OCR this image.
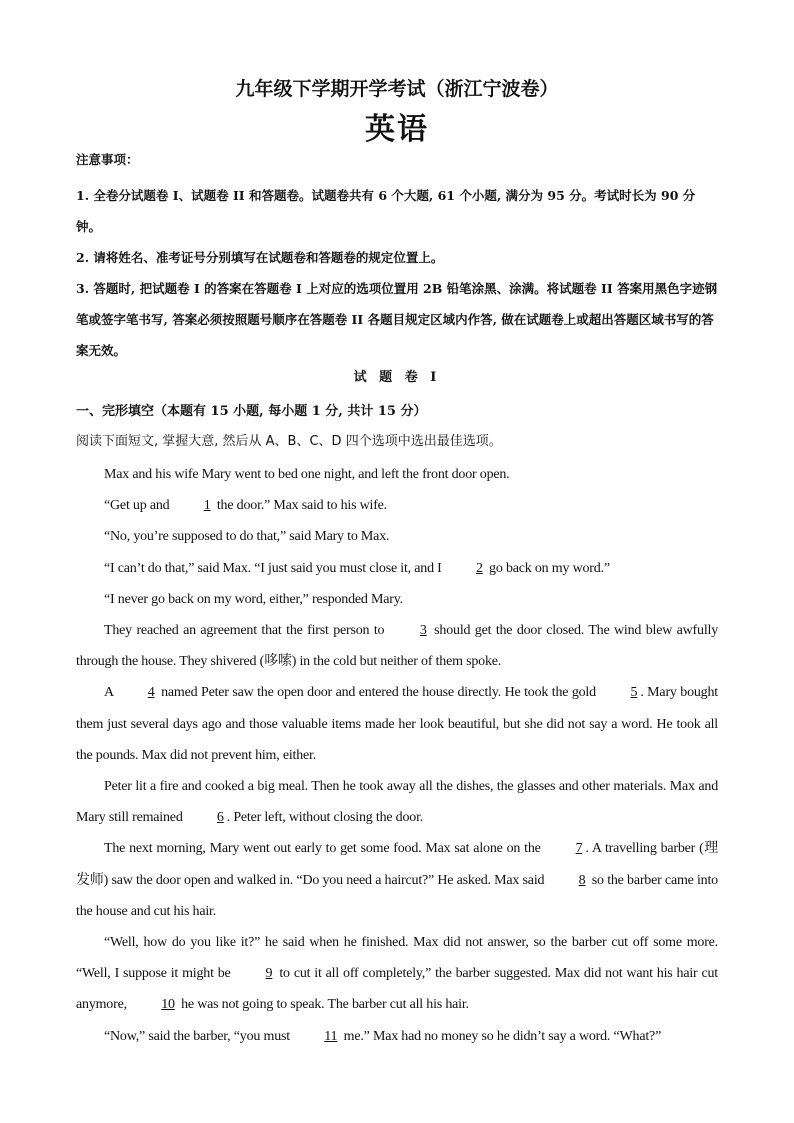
九年级下学期开学考试（浙江宁波卷）
英语
注意事项：
1. 全卷分试题卷 I、试题卷 II 和答题卷。试题卷共有 6 个大题, 61 个小题, 满分为 95 分。考试时长为 90 分钟。
2. 请将姓名、准考证号分别填写在试题卷和答题卷的规定位置上。
3. 答题时, 把试题卷 I 的答案在答题卷 I 上对应的选项位置用 2B 铅笔涂黑、涂满。将试题卷 II 答案用黑色字迹钢笔或签字笔书写, 答案必须按照题号顺序在答题卷 II 各题目规定区域内作答, 做在试题卷上或超出答题区域书写的答案无效。
试 题 卷 I
一、完形填空（本题有 15 小题, 每小题 1 分, 共计 15 分）
阅读下面短文, 掌握大意, 然后从 A、B、C、D 四个选项中选出最佳选项。

Max and his wife Mary went to bed one night, and left the front door open.

“Get up and 1 the door.” Max said to his wife.

“No, you’re supposed to do that,” said Mary to Max.

“I can’t do that,” said Max. “I just said you must close it, and I 2 go back on my word.”

“I never go back on my word, either,” responded Mary.

They reached an agreement that the first person to 3 should get the door closed. The wind blew awfully through the house. They shivered (哆嗦) in the cold but neither of them spoke.

A 4 named Peter saw the open door and entered the house directly. He took the gold 5 . Mary bought them just several days ago and those valuable items made her look beautiful, but she did not say a word. He took all the pounds. Max did not prevent him, either.

Peter lit a fire and cooked a big meal. Then he took away all the dishes, the glasses and other materials. Max and Mary still remained 6 . Peter left, without closing the door.

The next morning, Mary went out early to get some food. Max sat alone on the 7 . A travelling barber (理发师) saw the door open and walked in. “Do you need a haircut?” He asked. Max said 8 so the barber came into the house and cut his hair.

“Well, how do you like it?” he said when he finished. Max did not answer, so the barber cut off some more. “Well, I suppose it might be 9 to cut it all off completely,” the barber suggested. Max did not want his hair cut anymore, 10 he was not going to speak. The barber cut all his hair.

“Now,” said the barber, “you must 11 me.” Max had no money so he didn’t say a word. “What?”
